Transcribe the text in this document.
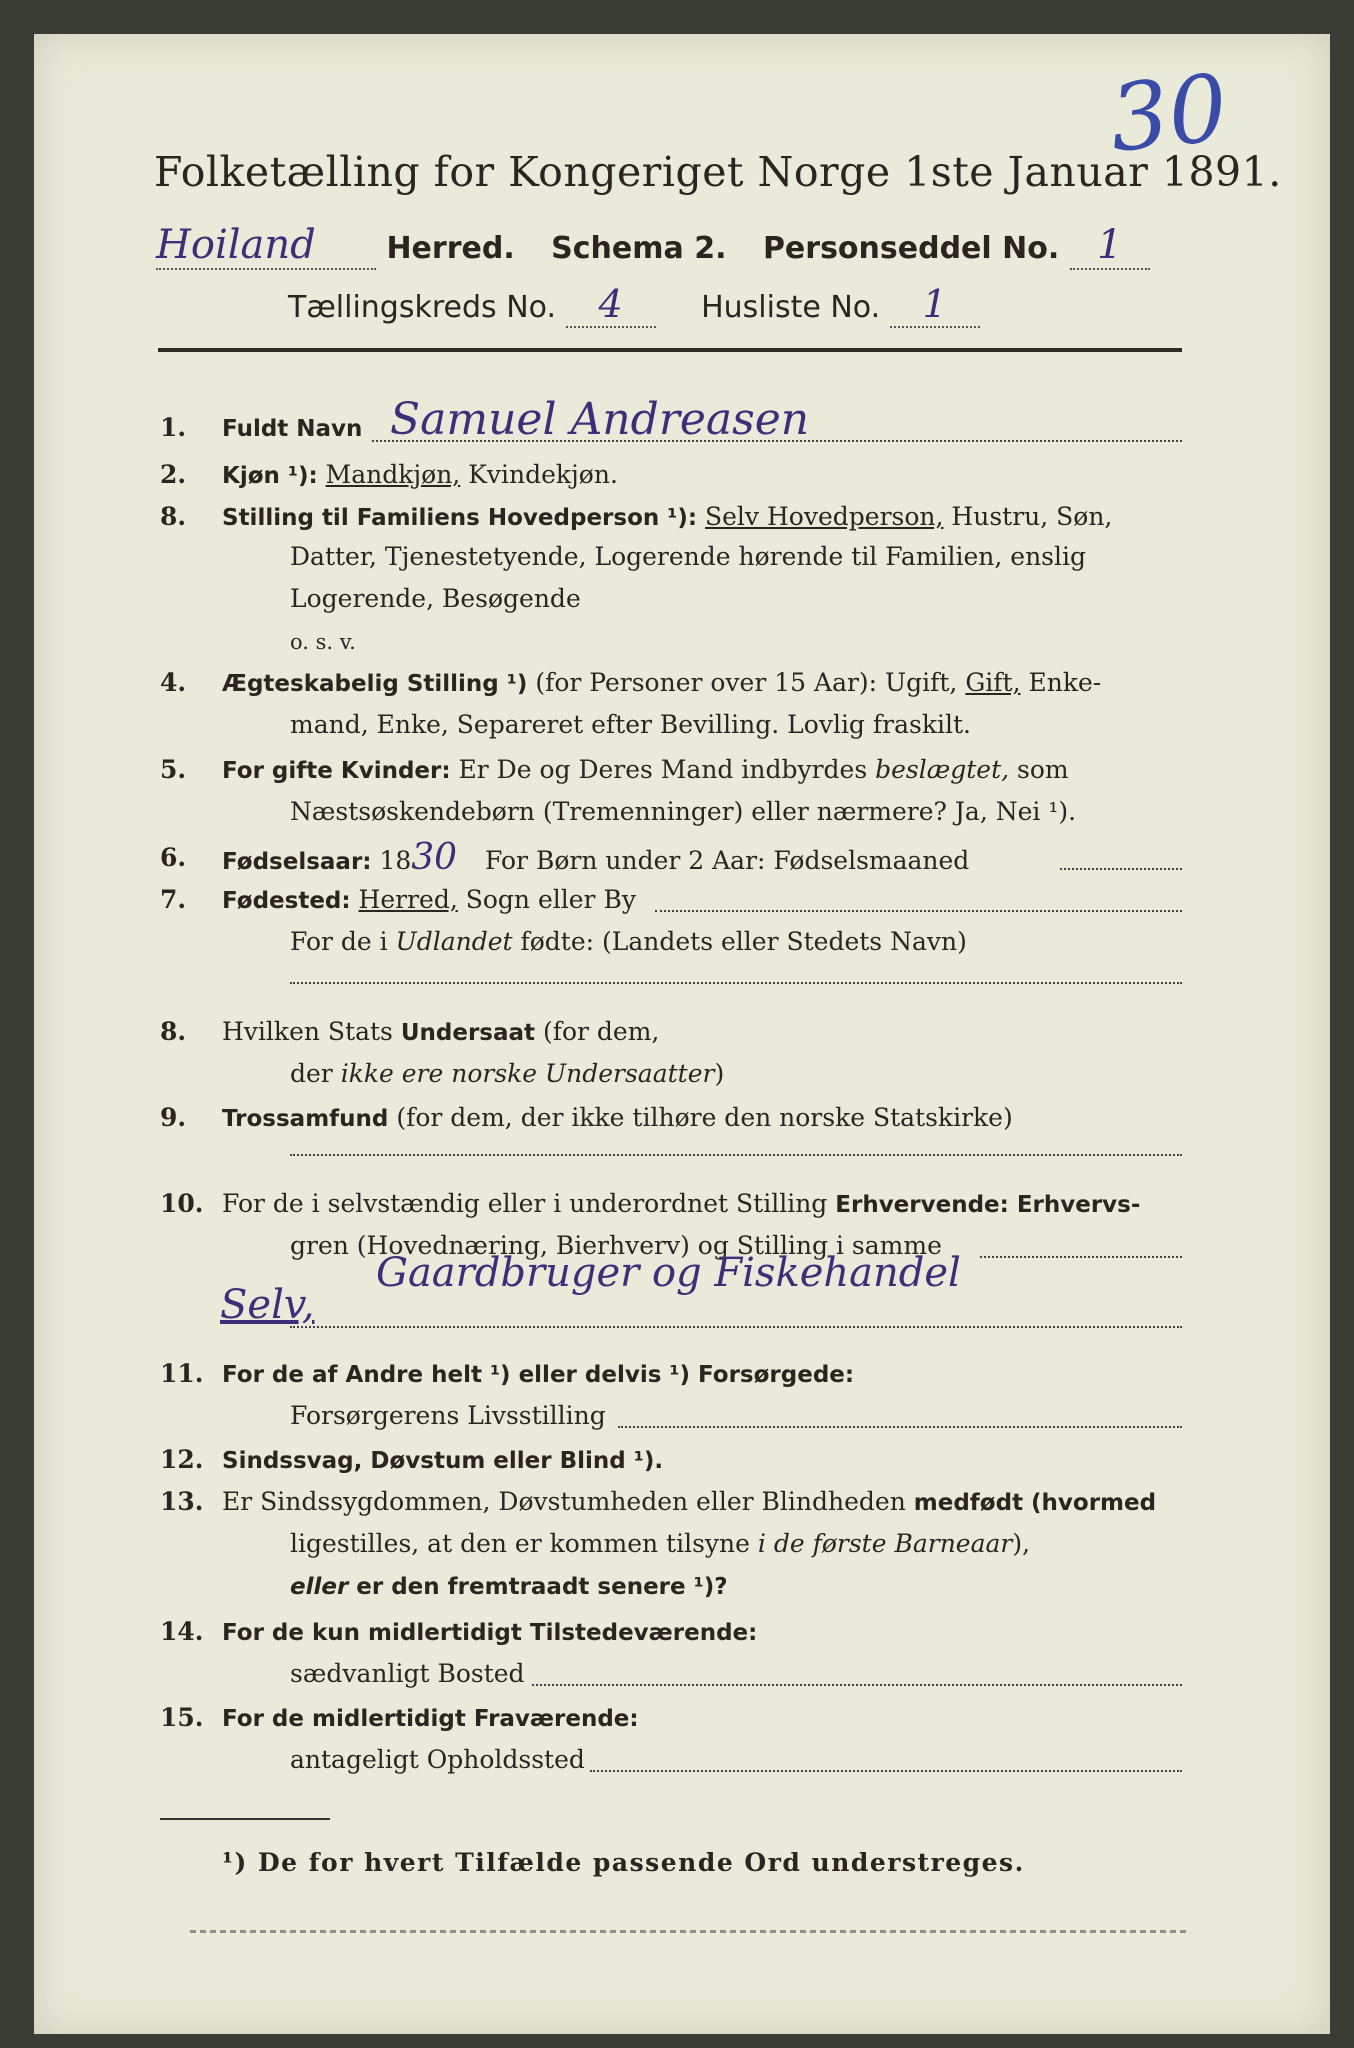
30
Folketælling for Kongeriget Norge 1ste Januar 1891.
Hoiland Herred. Schema 2. Personseddel No. 1
Tællingskreds No. 4	Husliste No. 1
1.	Fuldt Navn Samuel Andreasen
2.	Kjøn ¹): Mandkjøn, Kvindekjøn.
8.	Stilling til Familiens Hovedperson ¹): Selv Hovedperson, Hustru, Søn,
Datter, Tjenestetyende, Logerende hørende til Familien, enslig
Logerende, Besøgende
o. s. v.
4.	Ægteskabelig Stilling ¹) (for Personer over 15 Aar): Ugift, Gift, Enke-
mand, Enke, Separeret efter Bevilling. Lovlig fraskilt.
5.	For gifte Kvinder: Er De og Deres Mand indbyrdes beslægtet, som
Næstsøskendebørn (Tremenninger) eller nærmere? Ja, Nei ¹).
6.	Fødselsaar: 1830 For Børn under 2 Aar: Fødselsmaaned
7.	Fødested: Herred, Sogn eller By
For de i Udlandet fødte: (Landets eller Stedets Navn)
8.	Hvilken Stats Undersaat (for dem,
der ikke ere norske Undersaatter)
9.	Trossamfund (for dem, der ikke tilhøre den norske Statskirke)
10. For de i selvstændig eller i underordnet Stilling Erhvervende: Erhvervs-
gren (Hovednæring, Bierhverv) og Stilling i samme
Gaardbruger og Fiskehandel
Selv,
11. For de af Andre helt ¹) eller delvis ¹) Forsørgede:
Forsørgerens Livsstilling
12. Sindssvag, Døvstum eller Blind ¹).
13. Er Sindssygdommen, Døvstumheden eller Blindheden medfødt (hvormed
ligestilles, at den er kommen tilsyne i de første Barneaar),
eller er den fremtraadt senere ¹)?
14. For de kun midlertidigt Tilstedeværende:
sædvanligt Bosted
15. For de midlertidigt Fraværende:
antageligt Opholdssted
¹) De for hvert Tilfælde passende Ord understreges.
